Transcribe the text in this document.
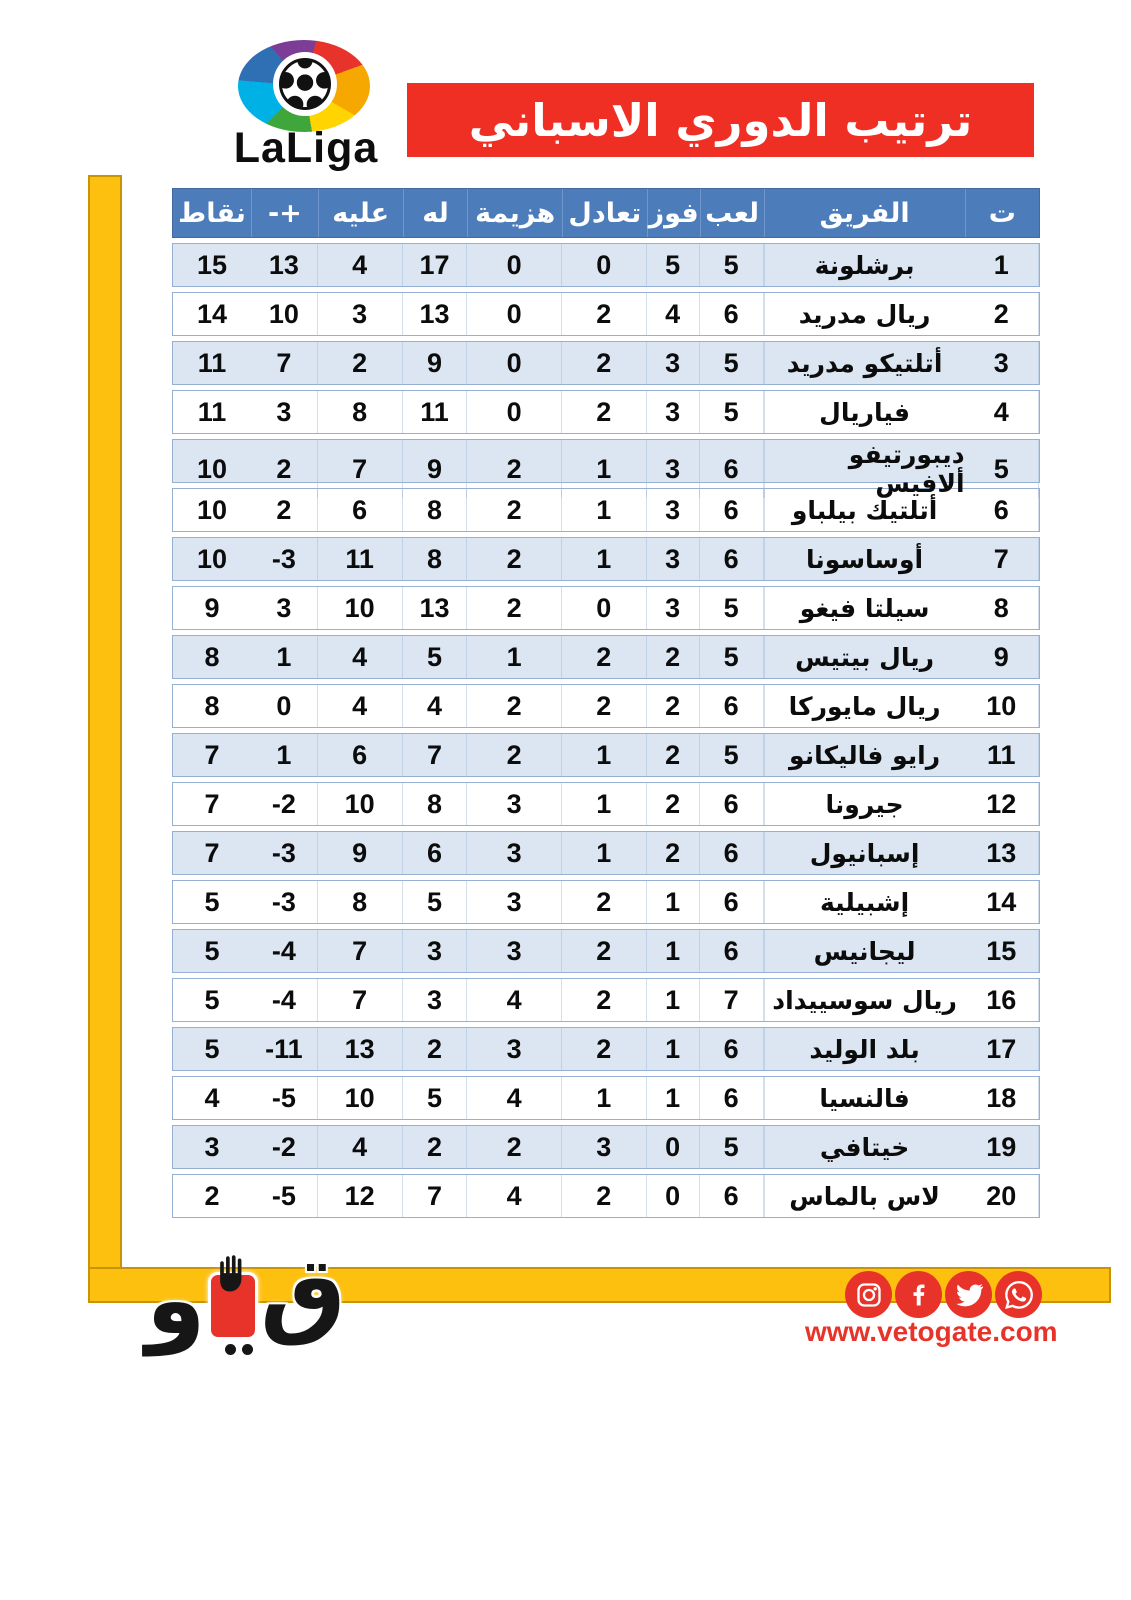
LaLiga
ترتيب الدوري الاسباني
ت
الفريق
لعب
فوز
تعادل
هزيمة
له
عليه
+-
نقاط
1
برشلونة
5
5
0
0
17
4
13
15
2
ريال مدريد
6
4
2
0
13
3
10
14
3
أتلتيكو مدريد
5
3
2
0
9
2
7
11
4
فياريال
5
3
2
0
11
8
3
11
5
ديبورتيفو ألافيس
6
3
1
2
9
7
2
10
6
أتلتيك بيلباو
6
3
1
2
8
6
2
10
7
أوساسونا
6
3
1
2
8
11
-3
10
8
سيلتا فيغو
5
3
0
2
13
10
3
9
9
ريال بيتيس
5
2
2
1
5
4
1
8
10
ريال مايوركا
6
2
2
2
4
4
0
8
11
رايو فاليكانو
5
2
1
2
7
6
1
7
12
جيرونا
6
2
1
3
8
10
-2
7
13
إسبانيول
6
2
1
3
6
9
-3
7
14
إشبيلية
6
1
2
3
5
8
-3
5
15
ليجانيس
6
1
2
3
3
7
-4
5
16
ريال سوسييداد
7
1
2
4
3
7
-4
5
17
بلد الوليد
6
1
2
3
2
13
-11
5
18
فالنسيا
6
1
1
4
5
10
-5
4
19
خيتافي
5
0
3
2
2
4
-2
3
20
لاس بالماس
6
0
2
4
7
12
-5
2
ق
و	www.vetogate.com
